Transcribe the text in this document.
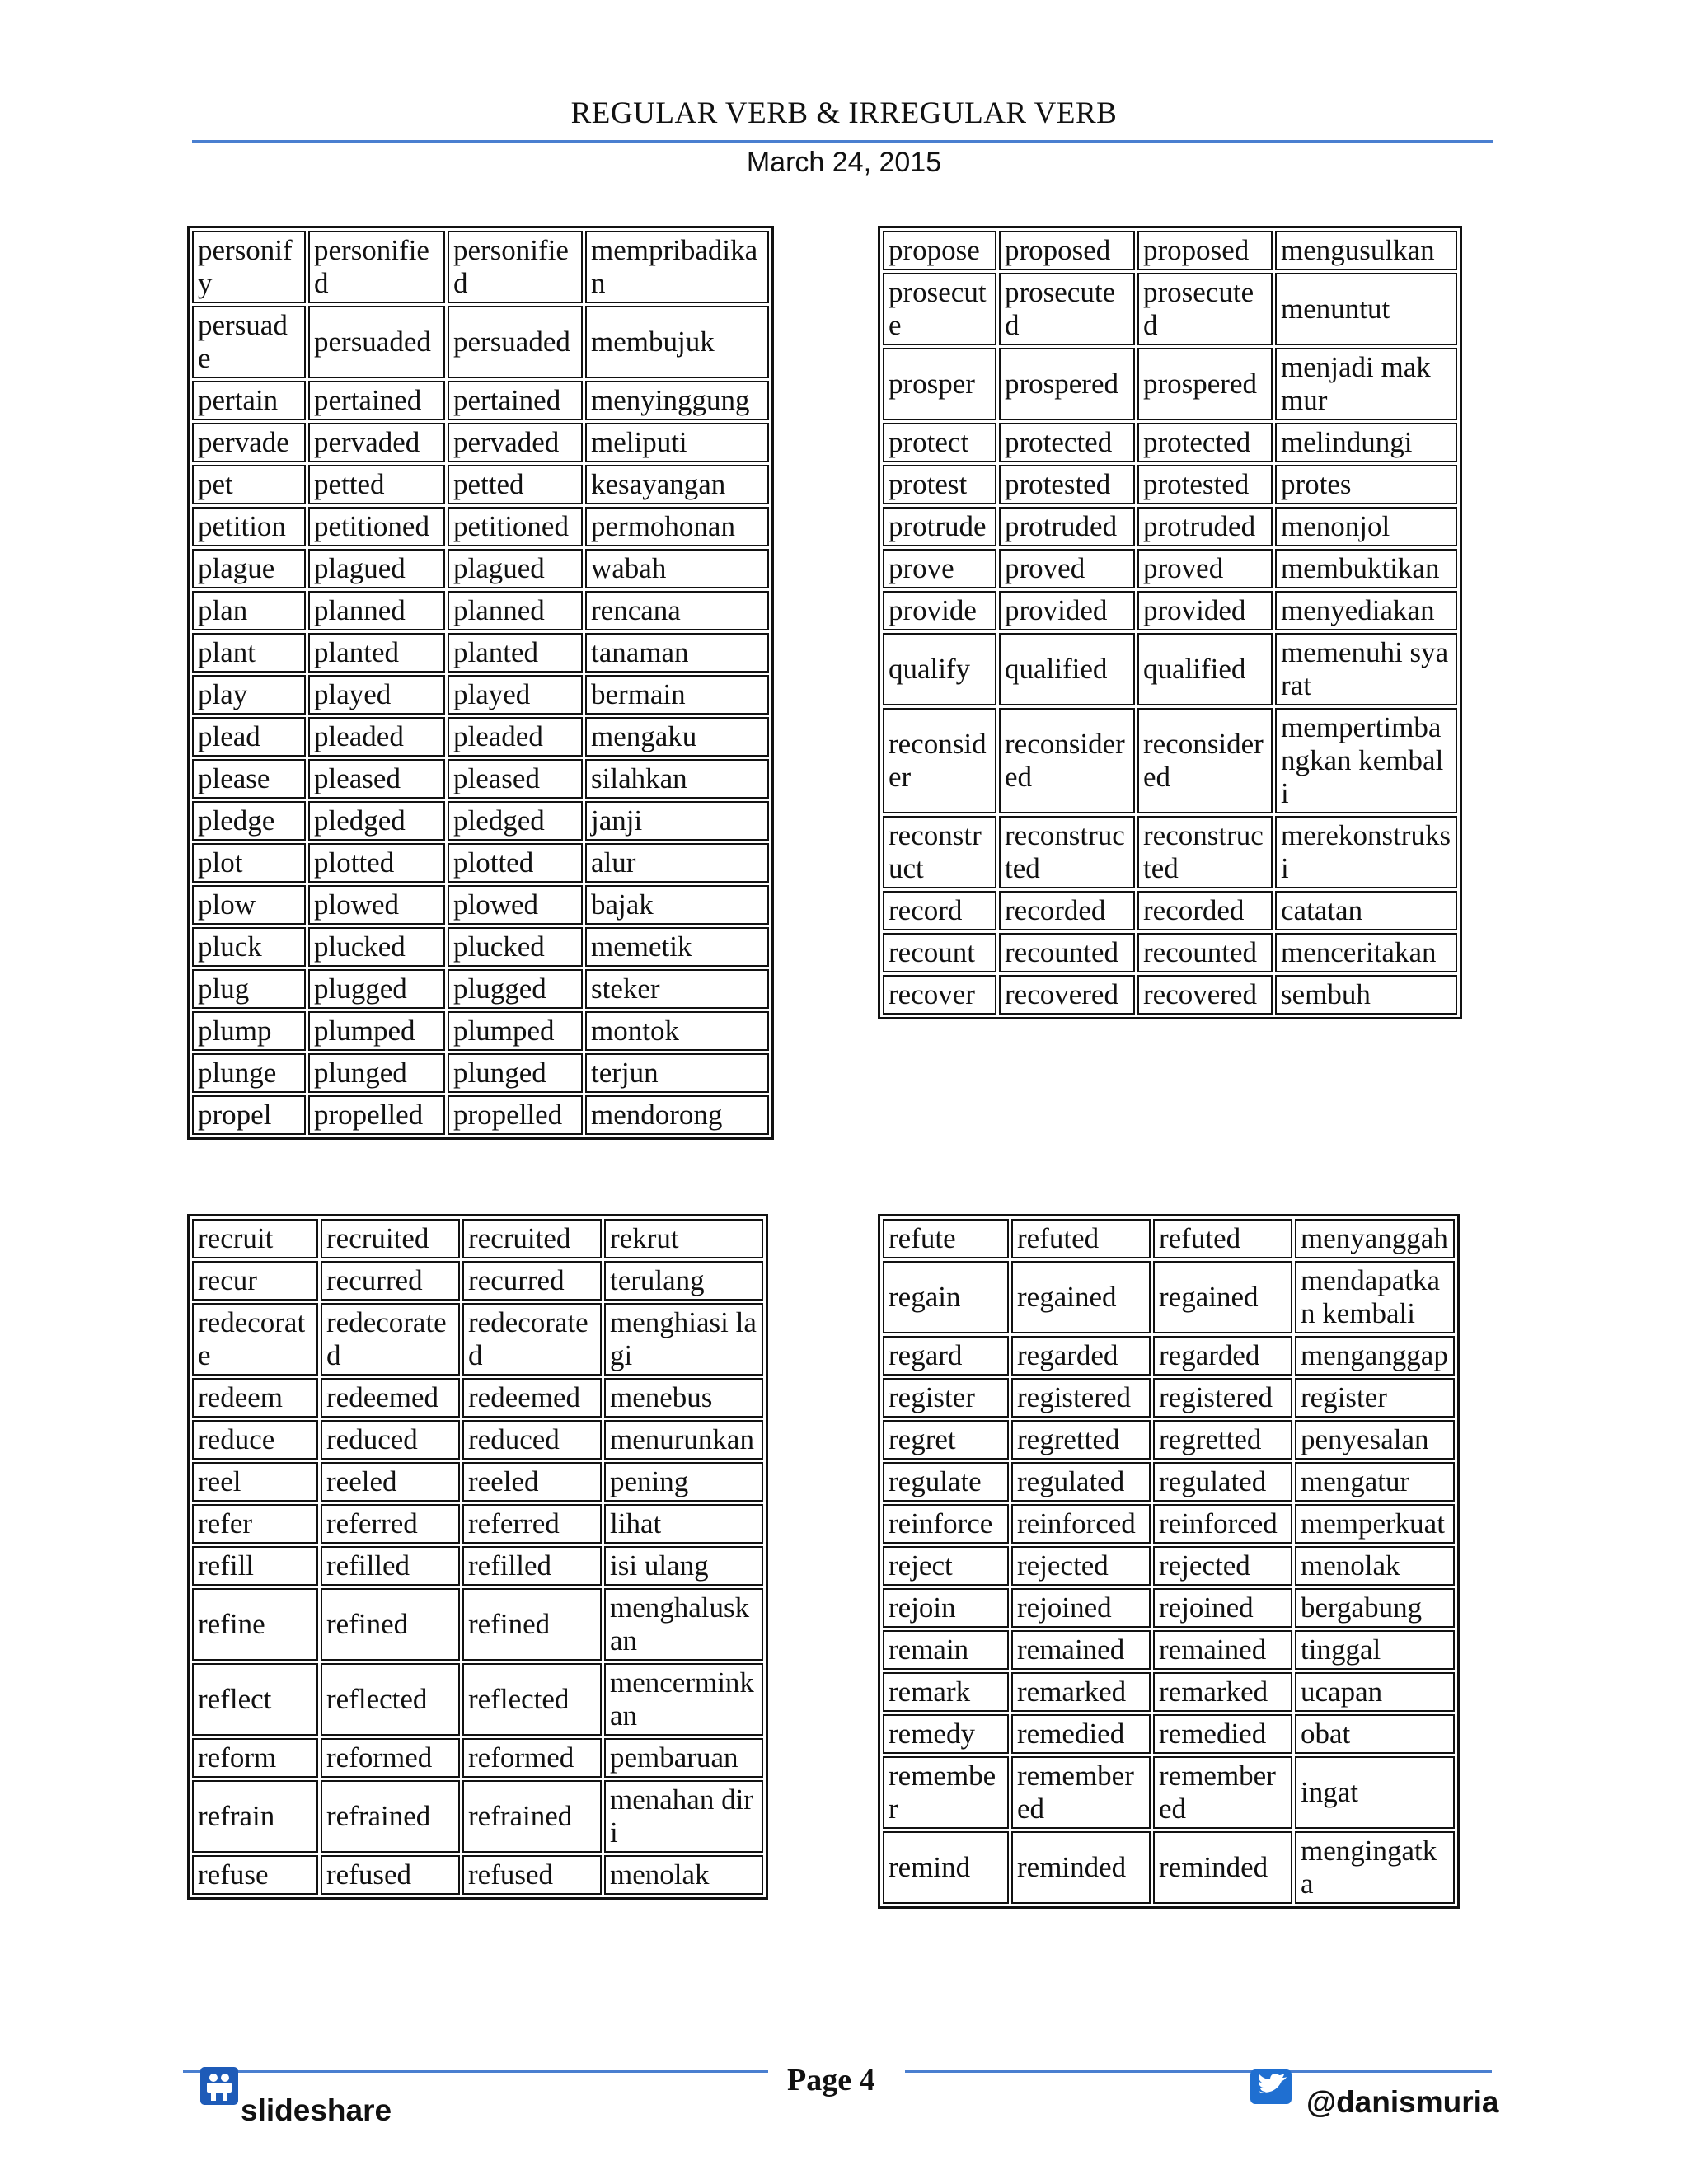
REGULAR VERB & IRREGULAR VERB
March 24, 2015
personify	personified	personified	mempribadikan
persuade	persuaded	persuaded	membujuk
pertain	pertained	pertained	menyinggung
pervade	pervaded	pervaded	meliputi
pet	petted	petted	kesayangan
petition	petitioned	petitioned	permohonan
plague	plagued	plagued	wabah
plan	planned	planned	rencana
plant	planted	planted	tanaman
play	played	played	bermain
plead	pleaded	pleaded	mengaku
please	pleased	pleased	silahkan
pledge	pledged	pledged	janji
plot	plotted	plotted	alur
plow	plowed	plowed	bajak
pluck	plucked	plucked	memetik
plug	plugged	plugged	steker
plump	plumped	plumped	montok
plunge	plunged	plunged	terjun
propel	propelled	propelled	mendorong
propose	proposed	proposed	mengusulkan
prosecute	prosecuted	prosecuted	menuntut
prosper	prospered	prospered	menjadi makmur
protect	protected	protected	melindungi
protest	protested	protested	protes
protrude	protruded	protruded	menonjol
prove	proved	proved	membuktikan
provide	provided	provided	menyediakan
qualify	qualified	qualified	memenuhi syarat
reconsider	reconsidered	reconsidered	mempertimbangkan kembali
reconstruct	reconstructed	reconstructed	merekonstruksi
record	recorded	recorded	catatan
recount	recounted	recounted	menceritakan
recover	recovered	recovered	sembuh
recruit	recruited	recruited	rekrut
recur	recurred	recurred	terulang
redecorate	redecorated	redecorated	menghiasi lagi
redeem	redeemed	redeemed	menebus
reduce	reduced	reduced	menurunkan
reel	reeled	reeled	pening
refer	referred	referred	lihat
refill	refilled	refilled	isi ulang
refine	refined	refined	menghaluskan
reflect	reflected	reflected	mencerminkan
reform	reformed	reformed	pembaruan
refrain	refrained	refrained	menahan diri
refuse	refused	refused	menolak
refute	refuted	refuted	menyanggah
regain	regained	regained	mendapatkan kembali
regard	regarded	regarded	menganggap
register	registered	registered	register
regret	regretted	regretted	penyesalan
regulate	regulated	regulated	mengatur
reinforce	reinforced	reinforced	memperkuat
reject	rejected	rejected	menolak
rejoin	rejoined	rejoined	bergabung
remain	remained	remained	tinggal
remark	remarked	remarked	ucapan
remedy	remedied	remedied	obat
remember	remembered	remembered	ingat
remind	reminded	reminded	mengingatka
slideshare
Page 4
@danismuria
